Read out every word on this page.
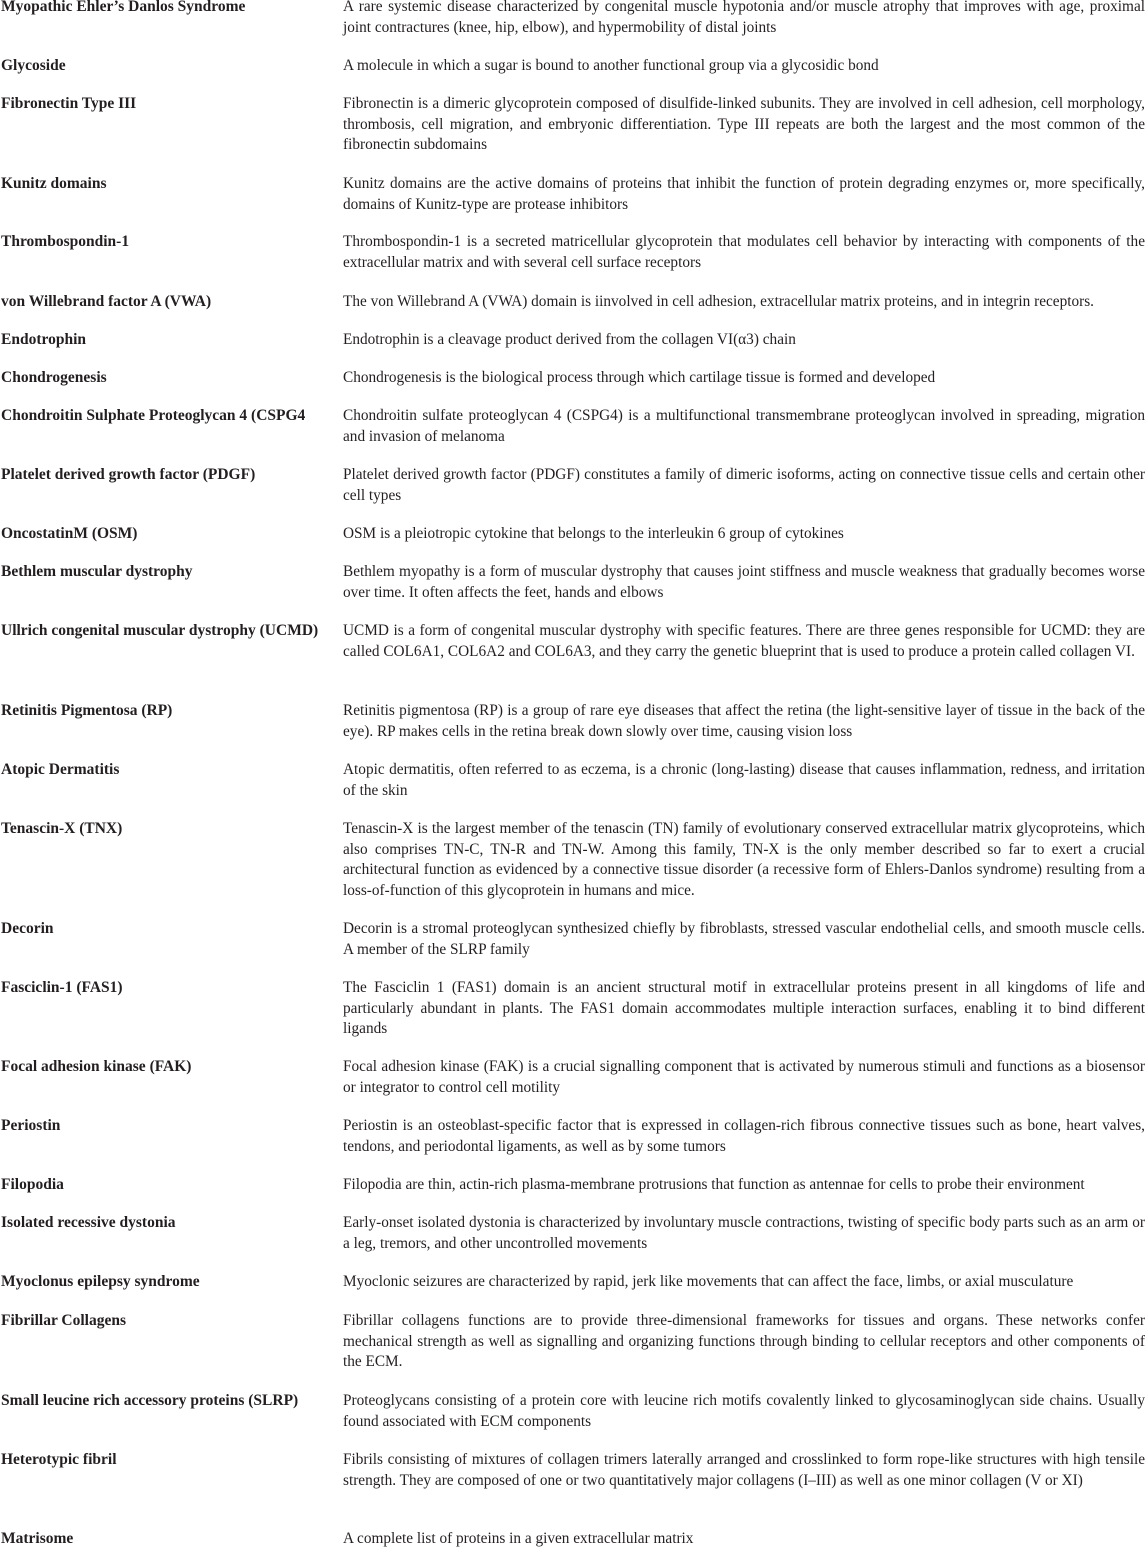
Myopathic Ehler’s Danlos Syndrome	A rare systemic disease characterized by congenital muscle hypotonia and/or muscle atrophy that improves with age, proximal joint contractures (knee, hip, elbow), and hypermobility of distal joints
Glycoside	A molecule in which a sugar is bound to another functional group via a glycosidic bond
Fibronectin Type III	Fibronectin is a dimeric glycoprotein composed of disulfide-linked subunits. They are involved in cell adhesion, cell morphology, thrombosis, cell migration, and embryonic differentiation. Type III repeats are both the largest and the most common of the fibronectin subdomains
Kunitz domains	Kunitz domains are the active domains of proteins that inhibit the function of protein degrading enzymes or, more specifically, domains of Kunitz-type are protease inhibitors
Thrombospondin-1	Thrombospondin-1 is a secreted matricellular glycoprotein that modulates cell behavior by interacting with components of the extracellular matrix and with several cell surface receptors
von Willebrand factor A (VWA)	The von Willebrand A (VWA) domain is iinvolved in cell adhesion, extracellular matrix proteins, and in integrin receptors.
Endotrophin	Endotrophin is a cleavage product derived from the collagen VI(α3) chain
Chondrogenesis	Chondrogenesis is the biological process through which cartilage tissue is formed and developed
Chondroitin Sulphate Proteoglycan 4 (CSPG4	Chondroitin sulfate proteoglycan 4 (CSPG4) is a multifunctional transmembrane proteoglycan involved in spreading, migration and invasion of melanoma
Platelet derived growth factor (PDGF)	Platelet derived growth factor (PDGF) constitutes a family of dimeric isoforms, acting on connective tissue cells and certain other cell types
OncostatinM (OSM)	OSM is a pleiotropic cytokine that belongs to the interleukin 6 group of cytokines
Bethlem muscular dystrophy	Bethlem myopathy is a form of muscular dystrophy that causes joint stiffness and muscle weakness that gradually becomes worse over time. It often affects the feet, hands and elbows
Ullrich congenital muscular dystrophy (UCMD)	UCMD is a form of congenital muscular dystrophy with specific features. There are three genes responsible for UCMD: they are called COL6A1, COL6A2 and COL6A3, and they carry the genetic blueprint that is used to produce a protein called collagen VI.
Retinitis Pigmentosa (RP)	Retinitis pigmentosa (RP) is a group of rare eye diseases that affect the retina (the light-sensitive layer of tissue in the back of the eye). RP makes cells in the retina break down slowly over time, causing vision loss
Atopic Dermatitis	Atopic dermatitis, often referred to as eczema, is a chronic (long-lasting) disease that causes inflammation, redness, and irritation of the skin
Tenascin-X (TNX)	Tenascin-X is the largest member of the tenascin (TN) family of evolutionary conserved extracellular matrix glycoproteins, which also comprises TN-C, TN-R and TN-W. Among this family, TN-X is the only member described so far to exert a crucial architectural function as evidenced by a connective tissue disorder (a recessive form of Ehlers-Danlos syndrome) resulting from a loss-of-function of this glycoprotein in humans and mice.
Decorin	Decorin is a stromal proteoglycan synthesized chiefly by fibroblasts, stressed vascular endothelial cells, and smooth muscle cells. A member of the SLRP family
Fasciclin-1 (FAS1)	The Fasciclin 1 (FAS1) domain is an ancient structural motif in extracellular proteins present in all kingdoms of life and particularly abundant in plants. The FAS1 domain accommodates multiple interaction surfaces, enabling it to bind different ligands
Focal adhesion kinase (FAK)	Focal adhesion kinase (FAK) is a crucial signalling component that is activated by numerous stimuli and functions as a biosensor or integrator to control cell motility
Periostin	Periostin is an osteoblast-specific factor that is expressed in collagen-rich fibrous connective tissues such as bone, heart valves, tendons, and periodontal ligaments, as well as by some tumors
Filopodia	Filopodia are thin, actin-rich plasma-membrane protrusions that function as antennae for cells to probe their environment
Isolated recessive dystonia	Early-onset isolated dystonia is characterized by involuntary muscle contractions, twisting of specific body parts such as an arm or a leg, tremors, and other uncontrolled movements
Myoclonus epilepsy syndrome	Myoclonic seizures are characterized by rapid, jerk like movements that can affect the face, limbs, or axial musculature
Fibrillar Collagens	Fibrillar collagens functions are to provide three-dimensional frameworks for tissues and organs. These networks confer mechanical strength as well as signalling and organizing functions through binding to cellular receptors and other components of the ECM.
Small leucine rich accessory proteins (SLRP)	Proteoglycans consisting of a protein core with leucine rich motifs covalently linked to glycosaminoglycan side chains. Usually found associated with ECM components
Heterotypic fibril	Fibrils consisting of mixtures of collagen trimers laterally arranged and crosslinked to form rope-like structures with high tensile strength. They are composed of one or two quantitatively major collagens (I–III) as well as one minor collagen (V or XI)
Matrisome	A complete list of proteins in a given extracellular matrix
